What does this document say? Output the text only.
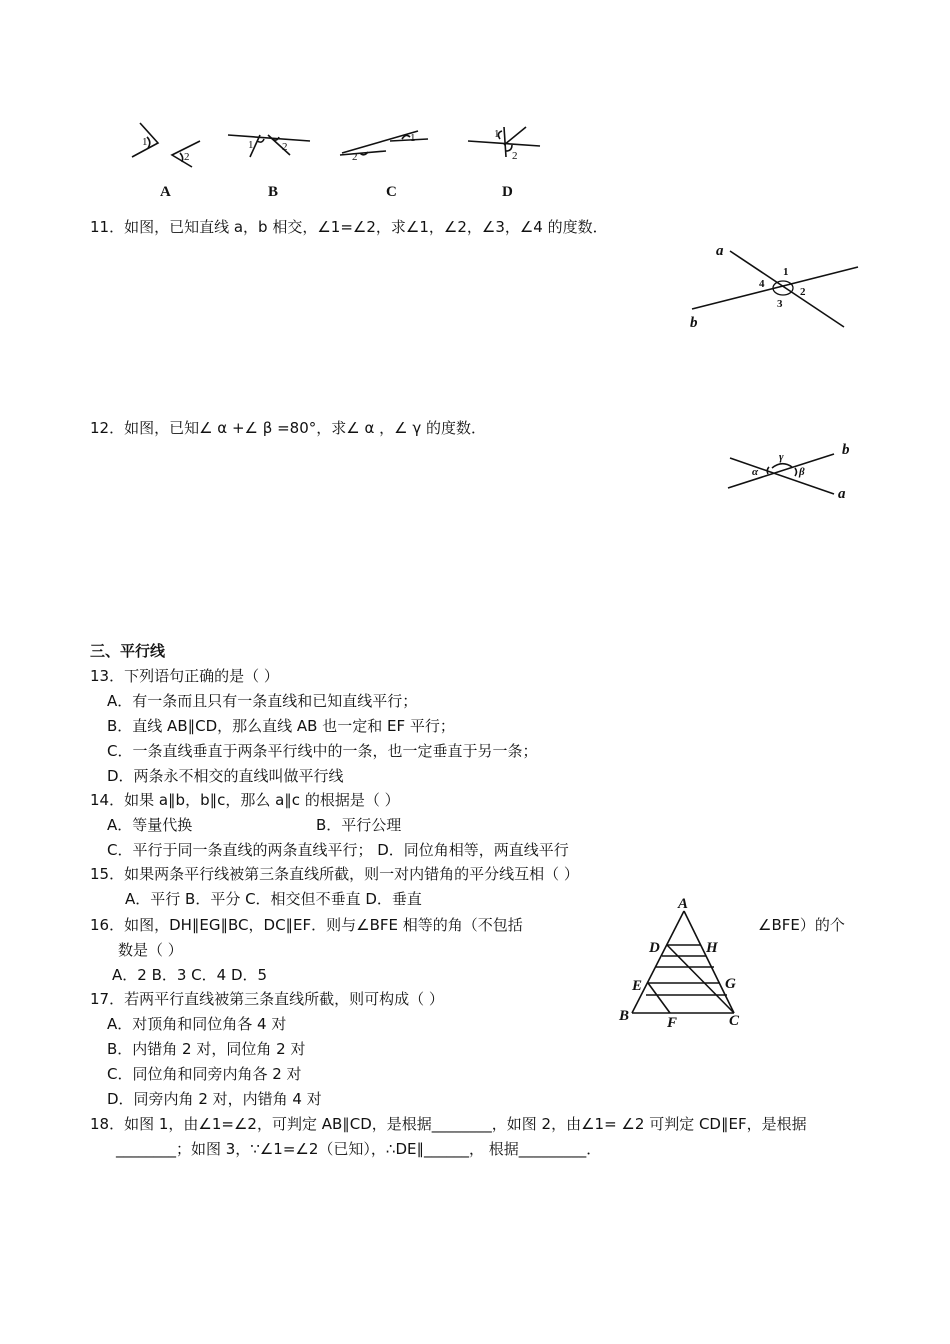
1
2
A
1	2
B
2
1
C
1
2
D
11．如图，已知直线 a，b 相交，∠1=∠2，求∠1，∠2，∠3，∠4 的度数．
a
b
1
2
3
4
12．如图，已知∠ α +∠ β =80°，求∠ α ，∠ γ 的度数．
γ
α	β
b
a
三、平行线
13．下列语句正确的是（ ）
A．有一条而且只有一条直线和已知直线平行；
B．直线 AB∥CD，那么直线 AB 也一定和 EF 平行；
C．一条直线垂直于两条平行线中的一条，也一定垂直于另一条；
D．两条永不相交的直线叫做平行线
14．如果 a∥b，b∥c，那么 a∥c 的根据是（ ）
A．等量代换	B．平行公理
C．平行于同一条直线的两条直线平行； D．同位角相等，两直线平行
15．如果两条平行线被第三条直线所截，则一对内错角的平分线互相（ ）
A．平行 B．平分 C．相交但不垂直 D．垂直
16．如图，DH∥EG∥BC，DC∥EF．则与∠BFE 相等的角（不包括	∠BFE）的个
数是（ ）
A．2 B．3 C．4 D．5
A
D	H
E	G
B	F	C
17．若两平行直线被第三条直线所截，则可构成（ ）
A．对顶角和同位角各 4 对
B．内错角 2 对，同位角 2 对
C．同位角和同旁内角各 2 对
D．同旁内角 2 对，内错角 4 对
18．如图 1，由∠1=∠2，可判定 AB∥CD，是根据________，如图 2，由∠1= ∠2 可判定 CD∥EF，是根据
________；如图 3，∵∠1=∠2（已知），∴DE∥______， 根据_________．
